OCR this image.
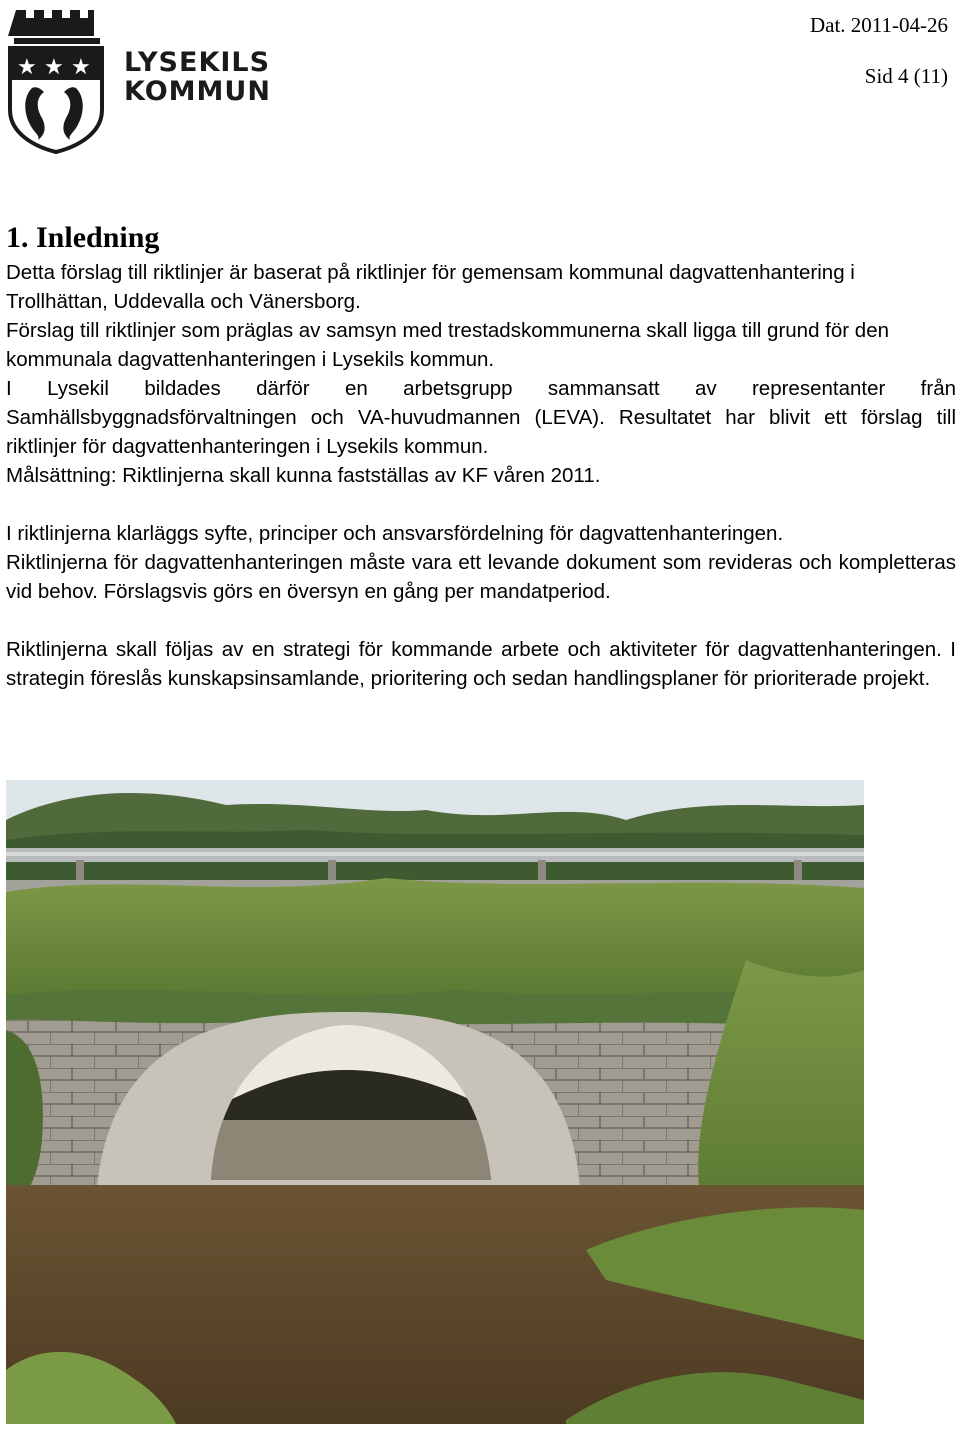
★ ★ ★ LYSEKILS
KOMMUN
Dat. 2011-04-26
Sid 4 (11)
1. Inledning

Detta förslag till riktlinjer är baserat på riktlinjer för gemensam kommunal dagvattenhantering i Trollhättan, Uddevalla och Vänersborg.

Förslag till riktlinjer som präglas av samsyn med trestadskommunerna skall ligga till grund för den kommunala dagvattenhanteringen i Lysekils kommun.

I Lysekil bildades därför en arbetsgrupp sammansatt av representanter från Samhällsbyggnadsförvaltningen och VA-huvudmannen (LEVA). Resultatet har blivit ett förslag till riktlinjer för dagvattenhanteringen i Lysekils kommun.

Målsättning: Riktlinjerna skall kunna fastställas av KF våren 2011.

I riktlinjerna klarläggs syfte, principer och ansvarsfördelning för dagvattenhanteringen.

Riktlinjerna för dagvattenhanteringen måste vara ett levande dokument som revideras och kompletteras vid behov. Förslagsvis görs en översyn en gång per mandatperiod.

Riktlinjerna skall följas av en strategi för kommande arbete och aktiviteter för dagvattenhanteringen. I strategin föreslås kunskapsinsamlande, prioritering och sedan handlingsplaner för prioriterade projekt.
